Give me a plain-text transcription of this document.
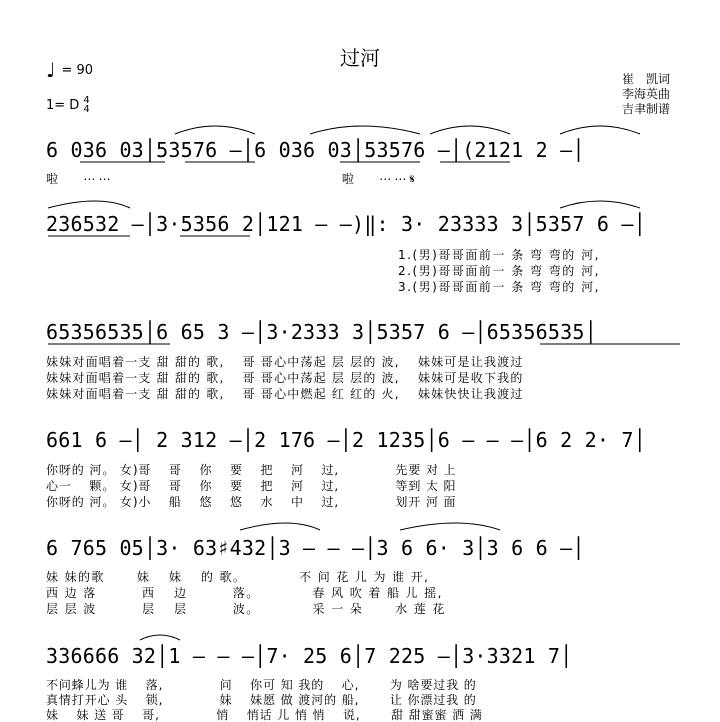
过河
♩ = 90
1= D 4
4
崔　凯词
李海英曲
吉聿制谱
6 036 03│53576 —│6 036 03│53576 —│(2121 2 —│
啦　 ⋯⋯　　　　　　　　　　　　　　　啦　 ⋯⋯𝄋
236532 —│3·5356 2│121 — —)‖: 3· 23333 3│5357 6 —│
1.(男)哥哥面前一 条 弯 弯的 河,
2.(男)哥哥面前一 条 弯 弯的 河,
3.(男)哥哥面前一 条 弯 弯的 河,
65356535│6 65 3 —│3·2333 3│5357 6 —│65356535│
妹妹对面唱着一支 甜 甜的 歌,　 哥 哥心中荡起 层 层的 波,　 妹妹可是让我渡过
妹妹对面唱着一支 甜 甜的 歌,　 哥 哥心中荡起 层 层的 波,　 妹妹可是收下我的
妹妹对面唱着一支 甜 甜的 歌,　 哥 哥心中燃起 红 红的 火,　 妹妹快快让我渡过
661 6 —│ 2 312 —│2 176 —│2 1235│6 — — —│6 2 2· 7│
你呀的 河。 女)哥　 哥　 你　 要　 把　 河　 过,　　　　 先要 对 上
心一　 颗。 女)哥　 哥　 你　 要　 把　 河　 过,　　　　 等到 太 阳
你呀的 河。 女)小　 船　 悠　 悠　 水　 中　 过,　　　　 划开 河 面
6 765 05│3· 63♯432│3 — — —│3 6 6· 3│3 6 6 —│
妹 妹的歌　　 妹　 妹　 的 歌。　　　　 不 问 花 儿 为 谁 开,
西 边 落　　　 西　 边　　　 落。　　　　 春 风 吹 着 船 儿 摇,
层 层 波　　　 层　 层　　　 波。　　　　 采 一 朵　　 水 莲 花
336666 32│1 — — —│7· 25 6│7 225 —│3·3321 7│
不问蜂儿为 谁　 落,　　　　 问　 你可 知 我的　 心,　　 为 啥要过我 的
真情打开心 头　 锁,　　　　 妹　 妹愿 做 渡河的 船,　　 让 你漂过我 的
妹　 妹 送 哥　 哥,　　　　 悄　 悄话 儿 悄 悄　 说,　　 甜 甜蜜蜜 洒 满
